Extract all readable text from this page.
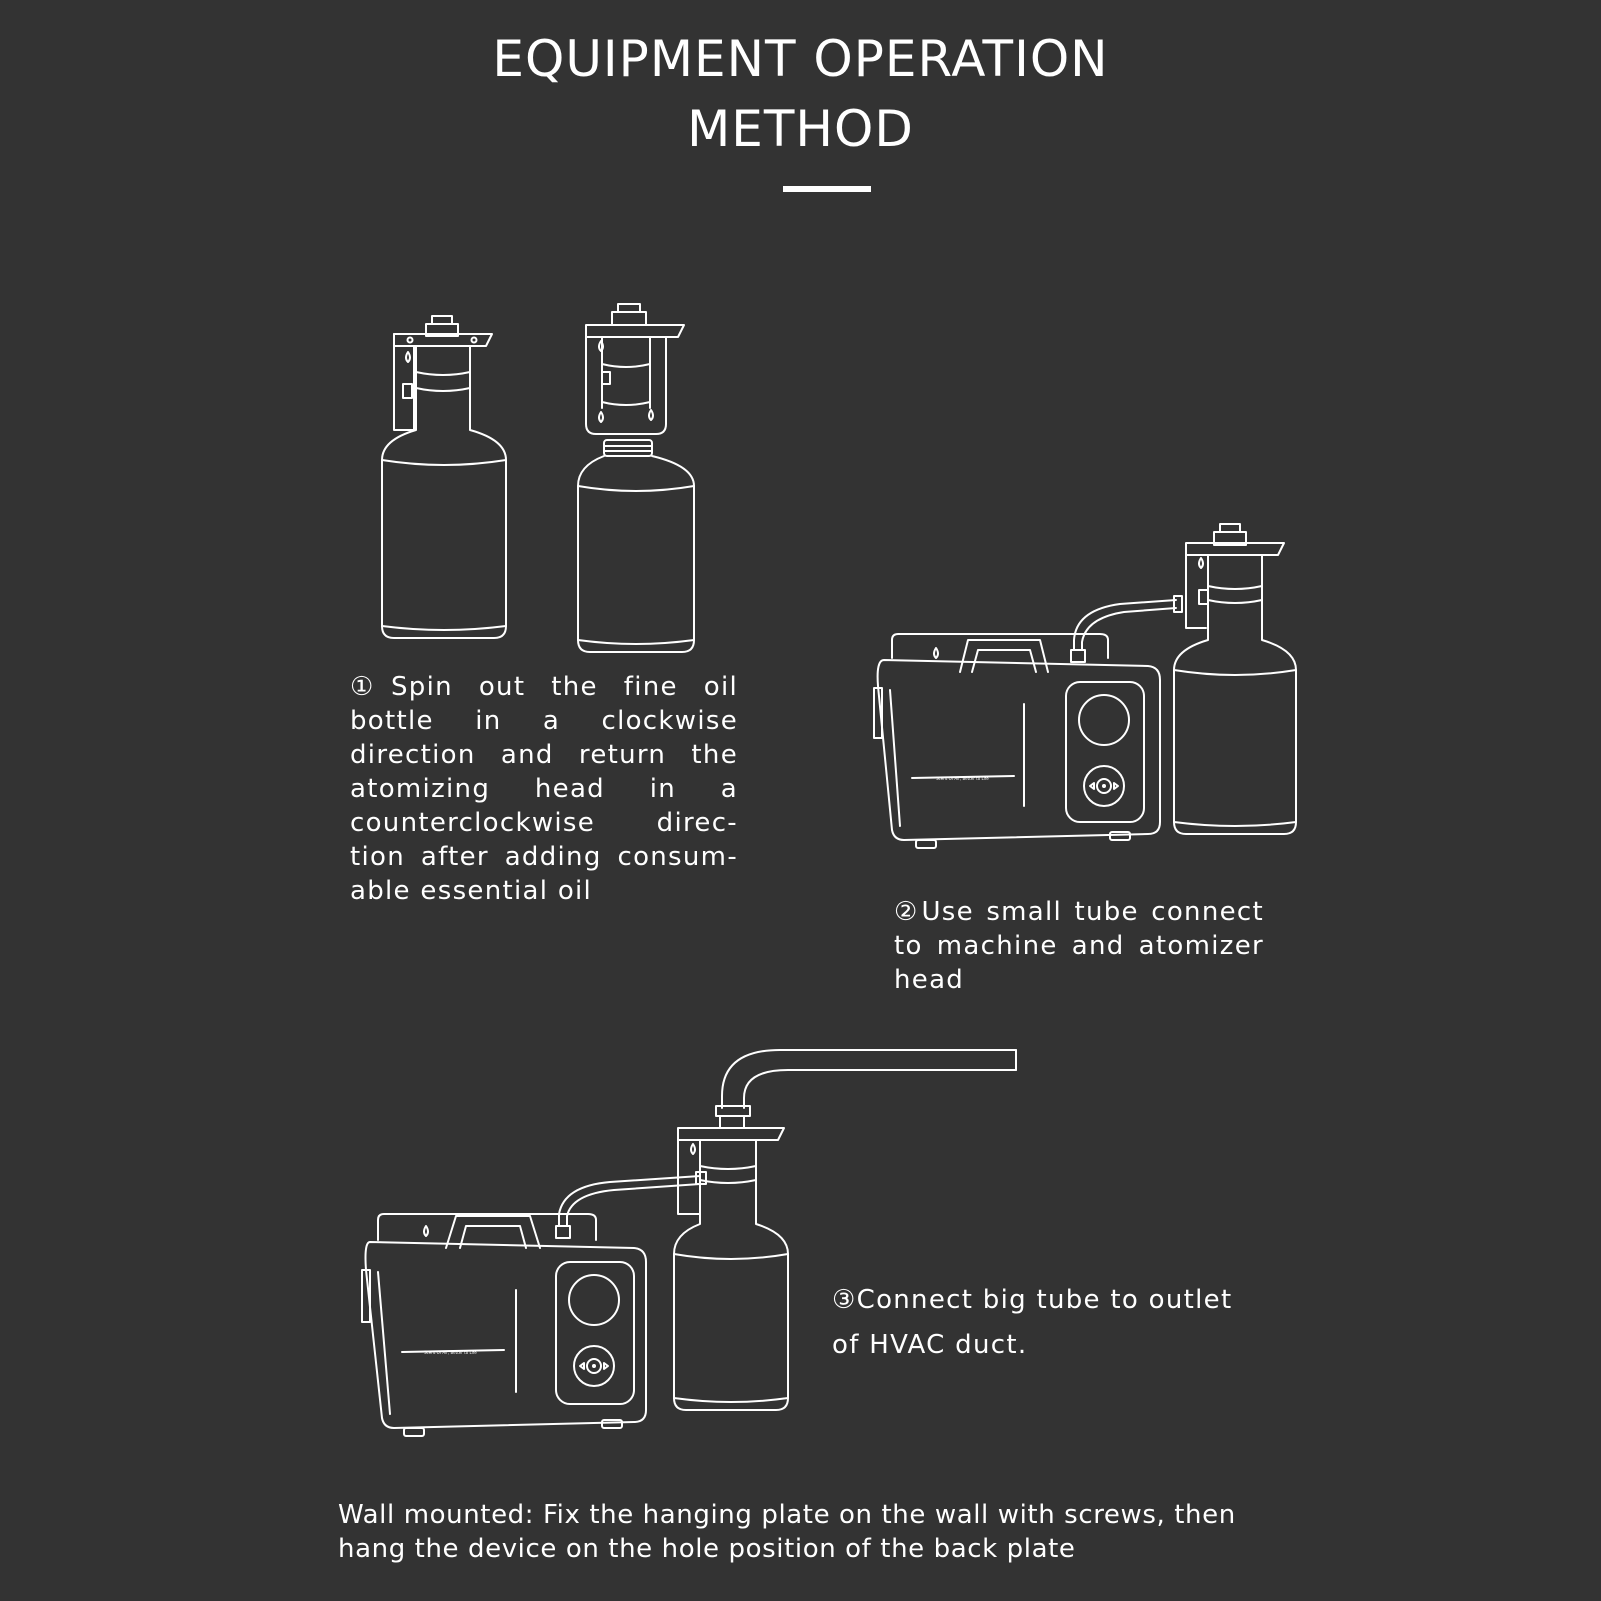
EQUIPMENT OPERATION
METHOD
Scent Of Air, Better to Life
Scent Of Air, Better to Life

①Spin out the fine oil bottle in a clockwise direction and return the atomizing head in a counterclockwise direc-tion after adding consum-able essential oil

②Use small tube connect to machine and atomizer head

③Connect big tube to outlet of HVAC duct.

Wall mounted: Fix the hanging plate on the wall with screws, then hang the device on the hole position of the back plate
